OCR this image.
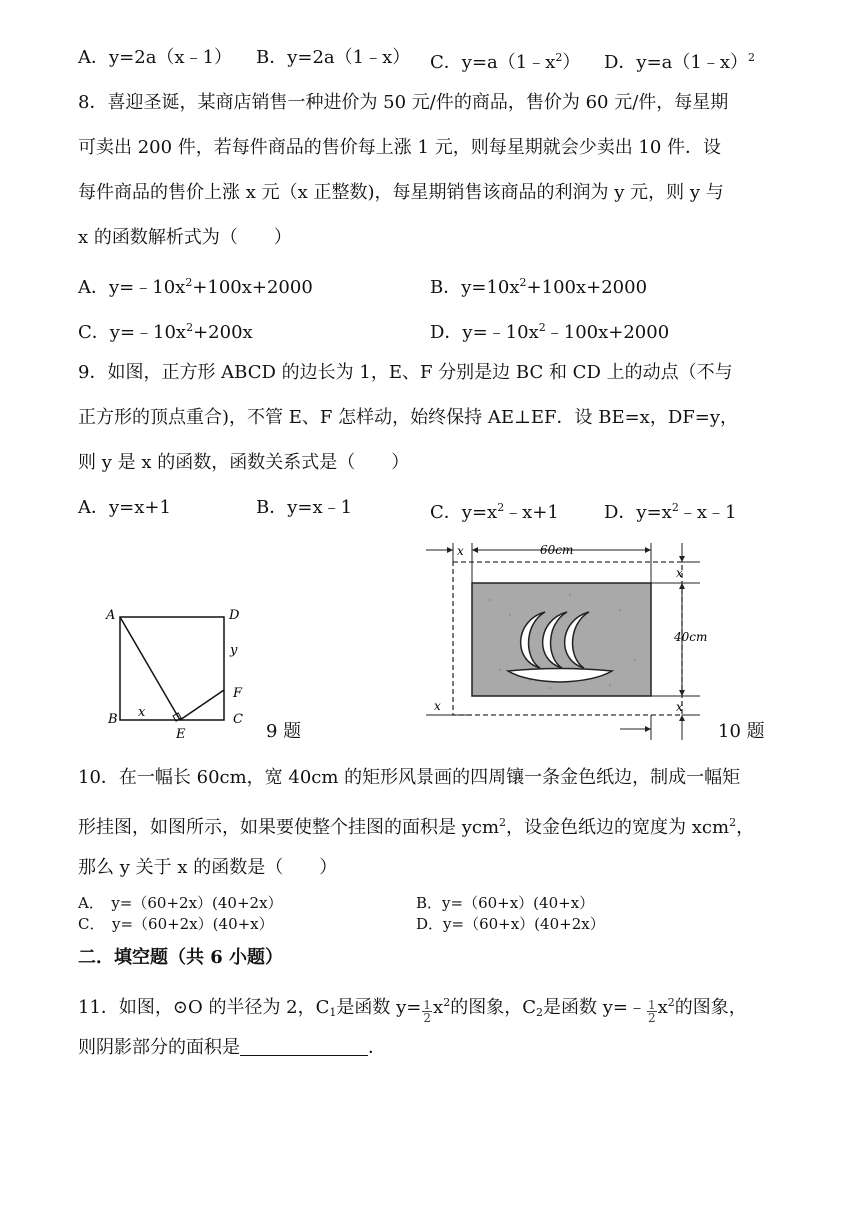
A．y=2a（x﹣1） B．y=2a（1﹣x） C．$y=a(1﹣x^2)$ D．y=a（1﹣x）$^2$
8．喜迎圣诞，某商店销售一种进价为 50 元/件的商品，售价为 60 元/件，每星期
可卖出 200 件，若每件商品的售价每上涨 1 元，则每星期就会少卖出 10 件．设
每件商品的售价上涨 x 元（x 正整数)，每星期销售该商品的利润为 y 元，则 y 与
x 的函数解析式为（　　）
A．$y=﹣10x^2+100x+2000$	B．$y=10x^2+100x+2000$
C．$y=﹣10x^2+200x$	D．$y=﹣10x^2﹣100x+2000$
9．如图，正方形 ABCD 的边长为 1，E、F 分别是边 BC 和 CD 上的动点（不与
正方形的顶点重合)，不管 E、F 怎样动，始终保持 AE⊥EF．设 BE=x，DF=y，
则 y 是 x 的函数，函数关系式是（　　）
A．y=x+1	B．y=x﹣1	C．$y=x^2﹣x+1$	D．$y=x^2﹣x﹣1$
A	D
B	C
E
F
x
y
9 题
x	60cm
x
40cm
x
x
10 题
10．在一幅长 60cm，宽 40cm 的矩形风景画的四周镶一条金色纸边，制成一幅矩
形挂图，如图所示，如果要使整个挂图的面积是 ycm$^2$，设金色纸边的宽度为 xcm$^2$，
那么 y 关于 x 的函数是（　　）
A．　y=（60+2x）(40+2x）	B．y=（60+x）(40+x）
C．　y=（60+2x）(40+x）	D．y=（60+x）(40+2x）
二．填空题（共 6 小题）
11．如图，⊙O 的半径为 2，$C_1$是函数 $y= \frac{1}{2} x^2$的图象，$C_2$是函数 y=﹣ $\frac{1}{2} x^2$的图象，
则阴影部分的面积是	．
